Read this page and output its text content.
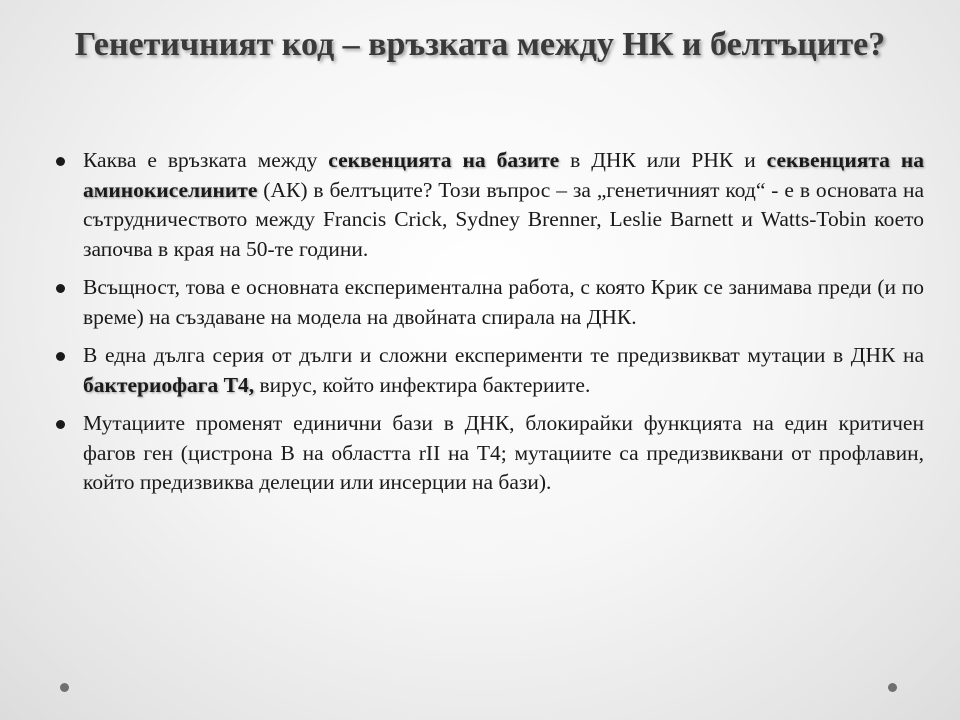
Генетичният код – връзката между НК и белтъците?
Каква е връзката между секвенцията на базите в ДНК или РНК и секвенцията на аминокиселините (АК) в белтъците? Този въпрос – за „генетичният код“ - е в основата на сътрудничеството между Francis Crick, Sydney Brenner, Leslie Barnett и Watts-Tobin което започва в края на 50-те години.
Всъщност, това е основната експериментална работа, с която Крик се занимава преди (и по време) на създаване на модела на двойната спирала на ДНК.
В една дълга серия от дълги и сложни експерименти те предизвикват мутации в ДНК на бактериофага Т4, вирус, който инфектира бактериите.
Мутациите променят единични бази в ДНК, блокирайки функцията на един критичен фагов ген (цистрона В на областта rII на Т4; мутациите са предизвиквани от профлавин, който предизвиква делеции или инсерции на бази).
